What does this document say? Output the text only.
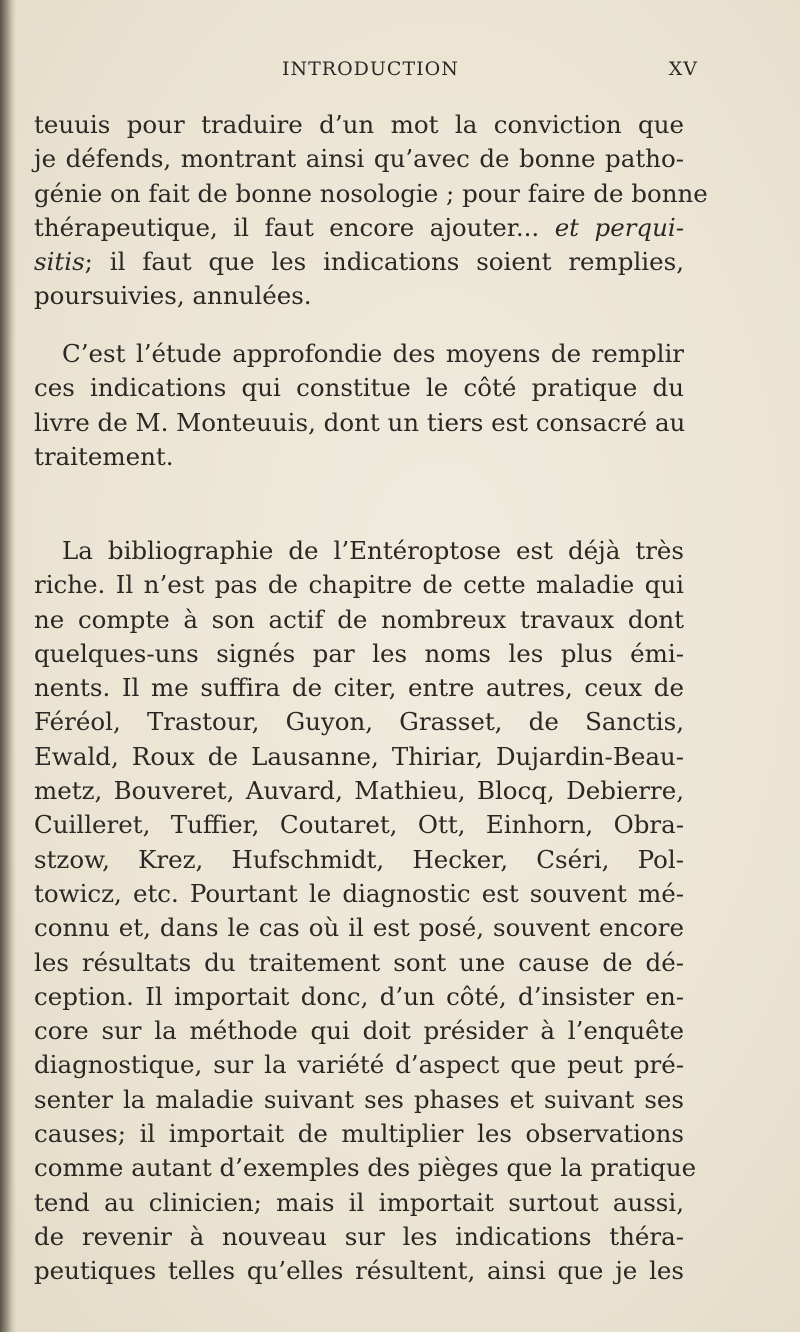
INTRODUCTION	XV

teuuis pour traduire d’un mot la conviction que
je défends, montrant ainsi qu’avec de bonne patho-
génie on fait de bonne nosologie ; pour faire de bonne
thérapeutique, il faut encore ajouter... et perqui-
sitis; il faut que les indications soient remplies,
poursuivies, annulées.

C’est l’étude approfondie des moyens de remplir
ces indications qui constitue le côté pratique du
livre de M. Monteuuis, dont un tiers est consacré au
traitement.

La bibliographie de l’Entéroptose est déjà très
riche. Il n’est pas de chapitre de cette maladie qui
ne compte à son actif de nombreux travaux dont
quelques-uns signés par les noms les plus émi-
nents. Il me suffira de citer, entre autres, ceux de
Féréol, Trastour, Guyon, Grasset, de Sanctis,
Ewald, Roux de Lausanne, Thiriar, Dujardin-Beau-
metz, Bouveret, Auvard, Mathieu, Blocq, Debierre,
Cuilleret, Tuffier, Coutaret, Ott, Einhorn, Obra-
stzow, Krez, Hufschmidt, Hecker, Cséri, Pol-
towicz, etc. Pourtant le diagnostic est souvent mé-
connu et, dans le cas où il est posé, souvent encore
les résultats du traitement sont une cause de dé-
ception. Il importait donc, d’un côté, d’insister en-
core sur la méthode qui doit présider à l’enquête
diagnostique, sur la variété d’aspect que peut pré-
senter la maladie suivant ses phases et suivant ses
causes; il importait de multiplier les observations
comme autant d’exemples des pièges que la pratique
tend au clinicien; mais il importait surtout aussi,
de revenir à nouveau sur les indications théra-
peutiques telles qu’elles résultent, ainsi que je les
